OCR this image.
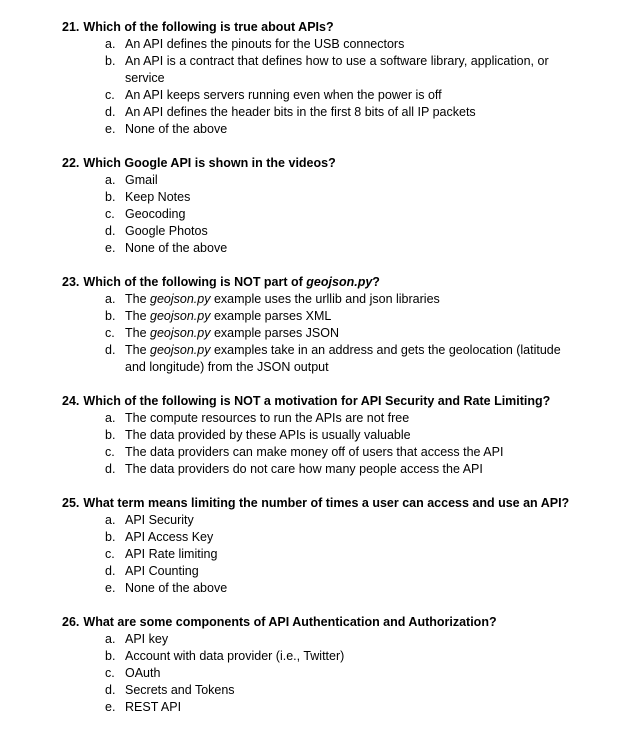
21. Which of the following is true about APIs?
a. An API defines the pinouts for the USB connectors
b. An API is a contract that defines how to use a software library, application, or service
c. An API keeps servers running even when the power is off
d. An API defines the header bits in the first 8 bits of all IP packets
e. None of the above
22. Which Google API is shown in the videos?
a. Gmail
b. Keep Notes
c. Geocoding
d. Google Photos
e. None of the above
23. Which of the following is NOT part of geojson.py?
a. The geojson.py example uses the urllib and json libraries
b. The geojson.py example parses XML
c. The geojson.py example parses JSON
d. The geojson.py examples take in an address and gets the geolocation (latitude and longitude) from the JSON output
24. Which of the following is NOT a motivation for API Security and Rate Limiting?
a. The compute resources to run the APIs are not free
b. The data provided by these APIs is usually valuable
c. The data providers can make money off of users that access the API
d. The data providers do not care how many people access the API
25. What term means limiting the number of times a user can access and use an API?
a. API Security
b. API Access Key
c. API Rate limiting
d. API Counting
e. None of the above
26. What are some components of API Authentication and Authorization?
a. API key
b. Account with data provider (i.e., Twitter)
c. OAuth
d. Secrets and Tokens
e. REST API
